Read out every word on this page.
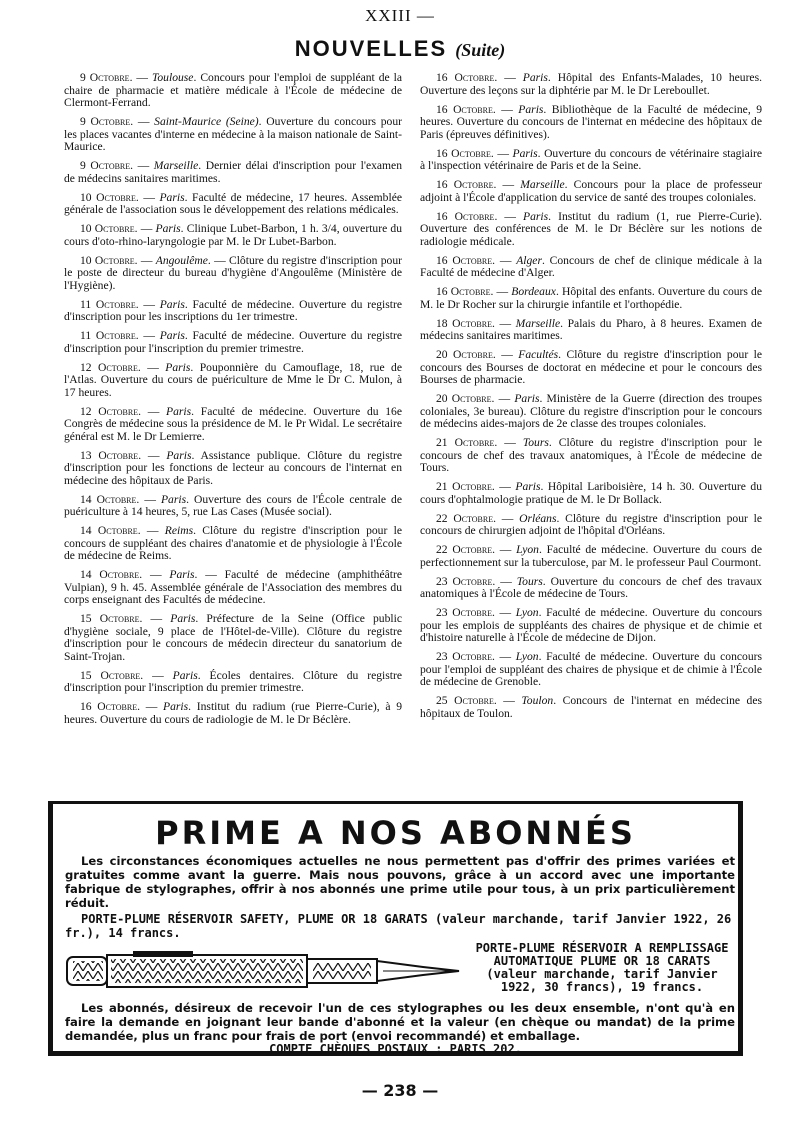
XXIII —
NOUVELLES (Suite)

9 Octobre. — Toulouse. Concours pour l'emploi de suppléant de la chaire de pharmacie et matière médicale à l'École de médecine de Clermont-Ferrand.

9 Octobre. — Saint-Maurice (Seine). Ouverture du concours pour les places vacantes d'interne en médecine à la maison nationale de Saint-Maurice.

9 Octobre. — Marseille. Dernier délai d'inscription pour l'examen de médecins sanitaires maritimes.

10 Octobre. — Paris. Faculté de médecine, 17 heures. Assemblée générale de l'association sous le développement des relations médicales.

10 Octobre. — Paris. Clinique Lubet-Barbon, 1 h. 3/4, ouverture du cours d'oto-rhino-laryngologie par M. le Dr Lubet-Barbon.

10 Octobre. — Angoulême. — Clôture du registre d'inscription pour le poste de directeur du bureau d'hygiène d'Angoulême (Ministère de l'Hygiène).

11 Octobre. — Paris. Faculté de médecine. Ouverture du registre d'inscription pour les inscriptions du 1er trimestre.

11 Octobre. — Paris. Faculté de médecine. Ouverture du registre d'inscription pour l'inscription du premier trimestre.

12 Octobre. — Paris. Pouponnière du Camouflage, 18, rue de l'Atlas. Ouverture du cours de puériculture de Mme le Dr C. Mulon, à 17 heures.

12 Octobre. — Paris. Faculté de médecine. Ouverture du 16e Congrès de médecine sous la présidence de M. le Pr Widal. Le secrétaire général est M. le Dr Lemierre.

13 Octobre. — Paris. Assistance publique. Clôture du registre d'inscription pour les fonctions de lecteur au concours de l'internat en médecine des hôpitaux de Paris.

14 Octobre. — Paris. Ouverture des cours de l'École centrale de puériculture à 14 heures, 5, rue Las Cases (Musée social).

14 Octobre. — Reims. Clôture du registre d'inscription pour le concours de suppléant des chaires d'anatomie et de physiologie à l'École de médecine de Reims.

14 Octobre. — Paris. — Faculté de médecine (amphithéâtre Vulpian), 9 h. 45. Assemblée générale de l'Association des membres du corps enseignant des Facultés de médecine.

15 Octobre. — Paris. Préfecture de la Seine (Office public d'hygiène sociale, 9 place de l'Hôtel-de-Ville). Clôture du registre d'inscription pour le concours de médecin directeur du sanatorium de Saint-Trojan.

15 Octobre. — Paris. Écoles dentaires. Clôture du registre d'inscription pour l'inscription du premier trimestre.

16 Octobre. — Paris. Institut du radium (rue Pierre-Curie), à 9 heures. Ouverture du cours de radiologie de M. le Dr Béclère.

16 Octobre. — Paris. Hôpital des Enfants-Malades, 10 heures. Ouverture des leçons sur la diphtérie par M. le Dr Lereboullet.

16 Octobre. — Paris. Bibliothèque de la Faculté de médecine, 9 heures. Ouverture du concours de l'internat en médecine des hôpitaux de Paris (épreuves définitives).

16 Octobre. — Paris. Ouverture du concours de vétérinaire stagiaire à l'inspection vétérinaire de Paris et de la Seine.

16 Octobre. — Marseille. Concours pour la place de professeur adjoint à l'École d'application du service de santé des troupes coloniales.

16 Octobre. — Paris. Institut du radium (1, rue Pierre-Curie). Ouverture des conférences de M. le Dr Béclère sur les notions de radiologie médicale.

16 Octobre. — Alger. Concours de chef de clinique médicale à la Faculté de médecine d'Alger.

16 Octobre. — Bordeaux. Hôpital des enfants. Ouverture du cours de M. le Dr Rocher sur la chirurgie infantile et l'orthopédie.

18 Octobre. — Marseille. Palais du Pharo, à 8 heures. Examen de médecins sanitaires maritimes.

20 Octobre. — Facultés. Clôture du registre d'inscription pour le concours des Bourses de doctorat en médecine et pour le concours des Bourses de pharmacie.

20 Octobre. — Paris. Ministère de la Guerre (direction des troupes coloniales, 3e bureau). Clôture du registre d'inscription pour le concours de médecins aides-majors de 2e classe des troupes coloniales.

21 Octobre. — Tours. Clôture du registre d'inscription pour le concours de chef des travaux anatomiques, à l'École de médecine de Tours.

21 Octobre. — Paris. Hôpital Lariboisière, 14 h. 30. Ouverture du cours d'ophtalmologie pratique de M. le Dr Bollack.

22 Octobre. — Orléans. Clôture du registre d'inscription pour le concours de chirurgien adjoint de l'hôpital d'Orléans.

22 Octobre. — Lyon. Faculté de médecine. Ouverture du cours de perfectionnement sur la tuberculose, par M. le professeur Paul Courmont.

23 Octobre. — Tours. Ouverture du concours de chef des travaux anatomiques à l'École de médecine de Tours.

23 Octobre. — Lyon. Faculté de médecine. Ouverture du concours pour les emplois de suppléants des chaires de physique et de chimie et d'histoire naturelle à l'École de médecine de Dijon.

23 Octobre. — Lyon. Faculté de médecine. Ouverture du concours pour l'emploi de suppléant des chaires de physique et de chimie à l'École de médecine de Grenoble.

25 Octobre. — Toulon. Concours de l'internat en médecine des hôpitaux de Toulon.

PRIME A NOS ABONNÉS
Les circonstances économiques actuelles ne nous permettent pas d'offrir des primes variées et gratuites comme avant la guerre. Mais nous pouvons, grâce à un accord avec une importante fabrique de stylographes, offrir à nos abonnés une prime utile pour tous, à un prix particulièrement réduit.
PORTE-PLUME RÉSERVOIR SAFETY, PLUME OR 18 GARATS (valeur marchande, tarif Janvier 1922, 26 fr.), 14 francs.
PORTE-PLUME RÉSERVOIR A REMPLISSAGE AUTOMATIQUE PLUME OR 18 CARATS (valeur marchande, tarif Janvier 1922, 30 francs), 19 francs.
Les abonnés, désireux de recevoir l'un de ces stylographes ou les deux ensemble, n'ont qu'à en faire la demande en joignant leur bande d'abonné et la valeur (en chèque ou mandat) de la prime demandée, plus un franc pour frais de port (envoi recommandé) et emballage.
COMPTE CHÈQUES POSTAUX : PARIS 202.
— 238 —
